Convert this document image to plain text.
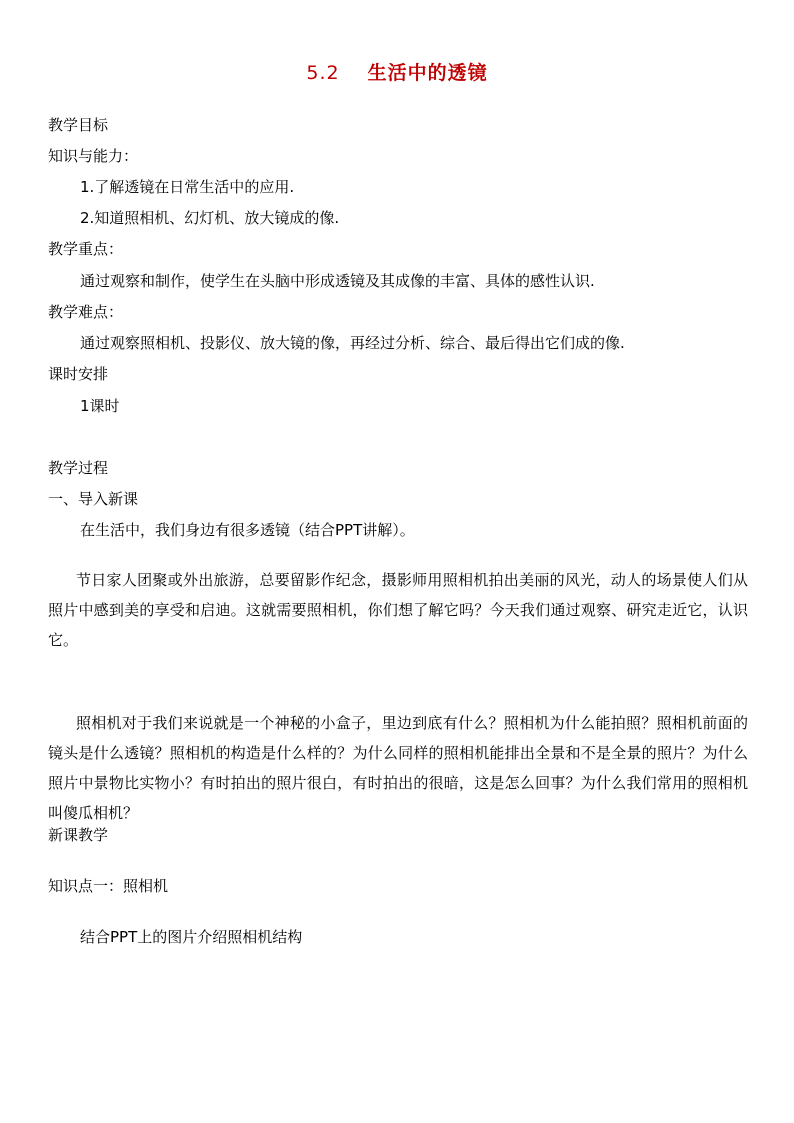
5.2 生活中的透镜
教学目标
知识与能力：
1.了解透镜在日常生活中的应用.
2.知道照相机、幻灯机、放大镜成的像.
教学重点：
通过观察和制作，使学生在头脑中形成透镜及其成像的丰富、具体的感性认识.
教学难点：
通过观察照相机、投影仪、放大镜的像，再经过分析、综合、最后得出它们成的像.
课时安排
1课时
教学过程
一、导入新课
在生活中，我们身边有很多透镜（结合PPT讲解）。
节日家人团聚或外出旅游，总要留影作纪念，摄影师用照相机拍出美丽的风光，动人的场景使人们从照片中感到美的享受和启迪。这就需要照相机，你们想了解它吗？今天我们通过观察、研究走近它，认识它。
照相机对于我们来说就是一个神秘的小盒子，里边到底有什么？照相机为什么能拍照？照相机前面的镜头是什么透镜？照相机的构造是什么样的？为什么同样的照相机能排出全景和不是全景的照片？为什么照片中景物比实物小？有时拍出的照片很白，有时拍出的很暗，这是怎么回事？为什么我们常用的照相机叫傻瓜相机？
新课教学
知识点一：照相机
结合PPT上的图片介绍照相机结构
